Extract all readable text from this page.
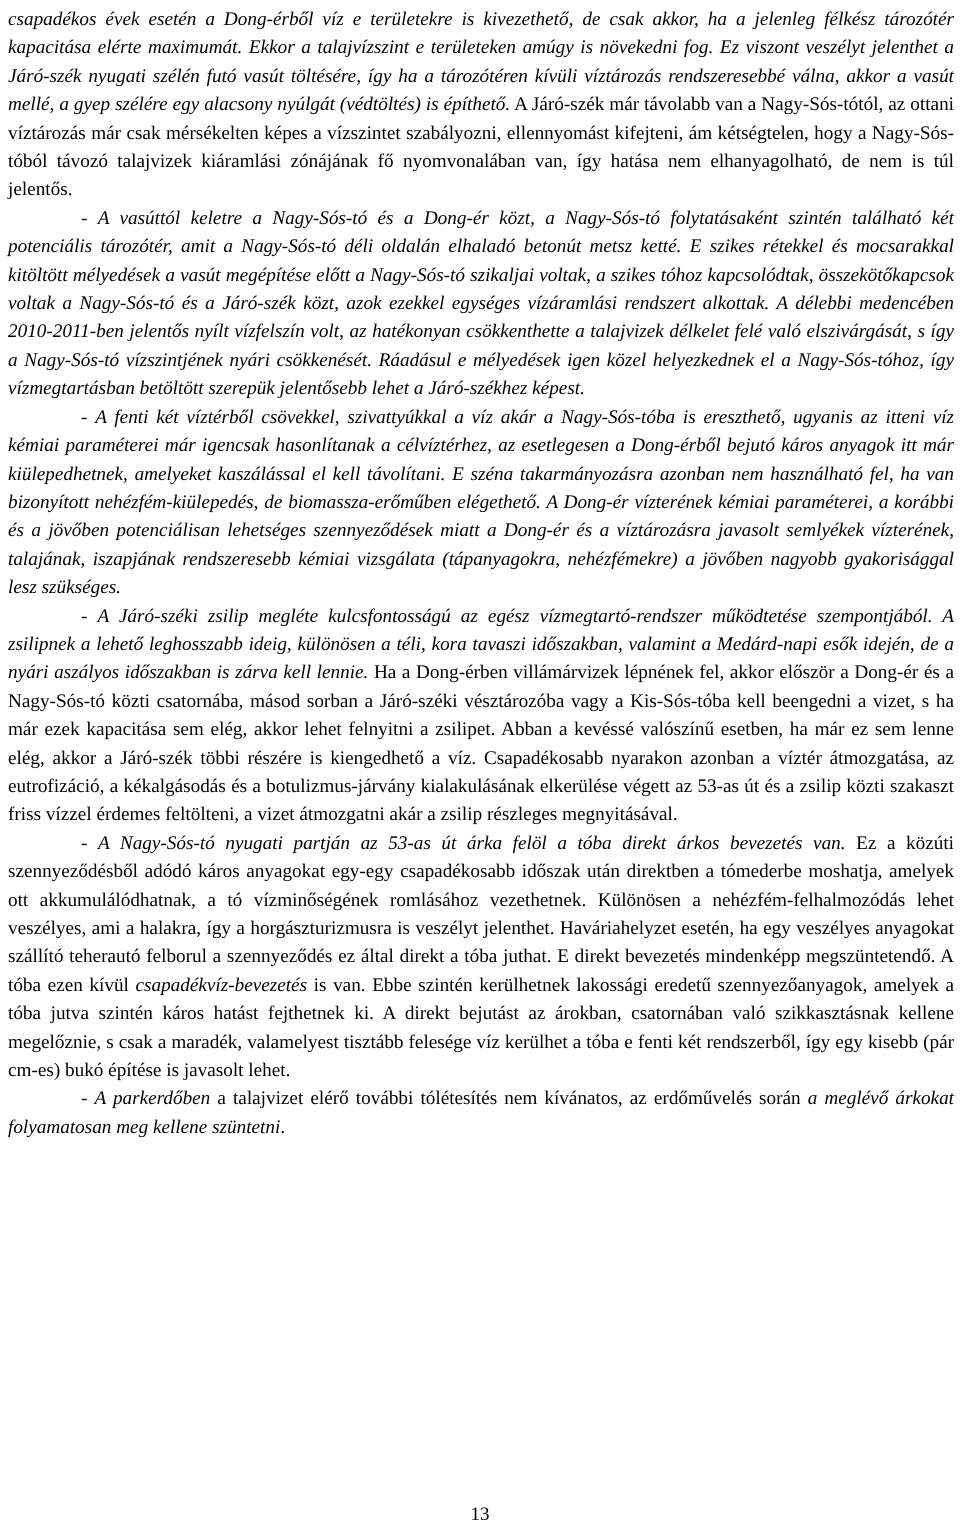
csapadékos évek esetén a Dong-érből víz e területekre is kivezethető, de csak akkor, ha a jelenleg félkész tározótér kapacitása elérte maximumát. Ekkor a talajvízszint e területeken amúgy is növekedni fog. Ez viszont veszélyt jelenthet a Járó-szék nyugati szélén futó vasút töltésére, így ha a tározótéren kívüli víztározás rendszeresebbé válna, akkor a vasút mellé, a gyep szélére egy alacsony nyúlgát (védtöltés) is építhető. A Járó-szék már távolabb van a Nagy-Sós-tótól, az ottani víztározás már csak mérsékelten képes a vízszintet szabályozni, ellennyomást kifejteni, ám kétségtelen, hogy a Nagy-Sós-tóból távozó talajvizek kiáramlási zónájának fő nyomvonalában van, így hatása nem elhanyagolható, de nem is túl jelentős.

- A vasúttól keletre a Nagy-Sós-tó és a Dong-ér közt, a Nagy-Sós-tó folytatásaként szintén található két potenciális tározótér, amit a Nagy-Sós-tó déli oldalán elhaladó betonút metsz ketté. E szikes rétekkel és mocsarakkal kitöltött mélyedések a vasút megépítése előtt a Nagy-Sós-tó szikaljai voltak, a szikes tóhoz kapcsolódtak, összekötőkapcsok voltak a Nagy-Sós-tó és a Járó-szék közt, azok ezekkel egységes vízáramlási rendszert alkottak. A délebbi medencében 2010-2011-ben jelentős nyílt vízfelszín volt, az hatékonyan csökkenthette a talajvizek délkelet felé való elszivárgását, s így a Nagy-Sós-tó vízszintjének nyári csökkenését. Ráadásul e mélyedések igen közel helyezkednek el a Nagy-Sós-tóhoz, így vízmegtartásban betöltött szerepük jelentősebb lehet a Járó-székhez képest.

- A fenti két víztérből csövekkel, szivattyúkkal a víz akár a Nagy-Sós-tóba is ereszthető, ugyanis az itteni víz kémiai paraméterei már igencsak hasonlítanak a célvíztérhez, az esetlegesen a Dong-érből bejutó káros anyagok itt már kiülepedhetnek, amelyeket kaszálással el kell távolítani. E széna takarmányozásra azonban nem használható fel, ha van bizonyított nehézfém-kiülepedés, de biomassza-erőműben elégethető. A Dong-ér vízterének kémiai paraméterei, a korábbi és a jövőben potenciálisan lehetséges szennyeződések miatt a Dong-ér és a víztározásra javasolt semlyékek vízterének, talajának, iszapjának rendszeresebb kémiai vizsgálata (tápanyagokra, nehézfémekre) a jövőben nagyobb gyakorisággal lesz szükséges.

- A Járó-széki zsilip megléte kulcsfontosságú az egész vízmegtartó-rendszer működtetése szempontjából. A zsilipnek a lehető leghosszabb ideig, különösen a téli, kora tavaszi időszakban, valamint a Medárd-napi esők idején, de a nyári aszályos időszakban is zárva kell lennie. Ha a Dong-érben villámárvizek lépnének fel, akkor először a Dong-ér és a Nagy-Sós-tó közti csatornába, másod sorban a Járó-széki vésztározóba vagy a Kis-Sós-tóba kell beengedni a vizet, s ha már ezek kapacitása sem elég, akkor lehet felnyitni a zsilipet. Abban a kevéssé valószínű esetben, ha már ez sem lenne elég, akkor a Járó-szék többi részére is kiengedhető a víz. Csapadékosabb nyarakon azonban a víztér átmozgatása, az eutrofizáció, a kékalgásodás és a botulizmus-járvány kialakulásának elkerülése végett az 53-as út és a zsilip közti szakaszt friss vízzel érdemes feltölteni, a vizet átmozgatni akár a zsilip részleges megnyitásával.

- A Nagy-Sós-tó nyugati partján az 53-as út árka felöl a tóba direkt árkos bevezetés van. Ez a közúti szennyeződésből adódó káros anyagokat egy-egy csapadékosabb időszak után direktben a tómederbe moshatja, amelyek ott akkumulálódhatnak, a tó vízminőségének romlásához vezethetnek. Különösen a nehézfém-felhalmozódás lehet veszélyes, ami a halakra, így a horgászturizmusra is veszélyt jelenthet. Haváriahelyzet esetén, ha egy veszélyes anyagokat szállító teherautó felborul a szennyeződés ez által direkt a tóba juthat. E direkt bevezetés mindenképp megszüntetendő. A tóba ezen kívül csapadékvíz-bevezetés is van. Ebbe szintén kerülhetnek lakossági eredetű szennyezőanyagok, amelyek a tóba jutva szintén káros hatást fejthetnek ki. A direkt bejutást az árokban, csatornában való szikkasztásnak kellene megelőznie, s csak a maradék, valamelyest tisztább felesége víz kerülhet a tóba e fenti két rendszerből, így egy kisebb (pár cm-es) bukó építése is javasolt lehet.

- A parkerdőben a talajvizet elérő további tólétesítés nem kívánatos, az erdőművelés során a meglévő árkokat folyamatosan meg kellene szüntetni.

13
